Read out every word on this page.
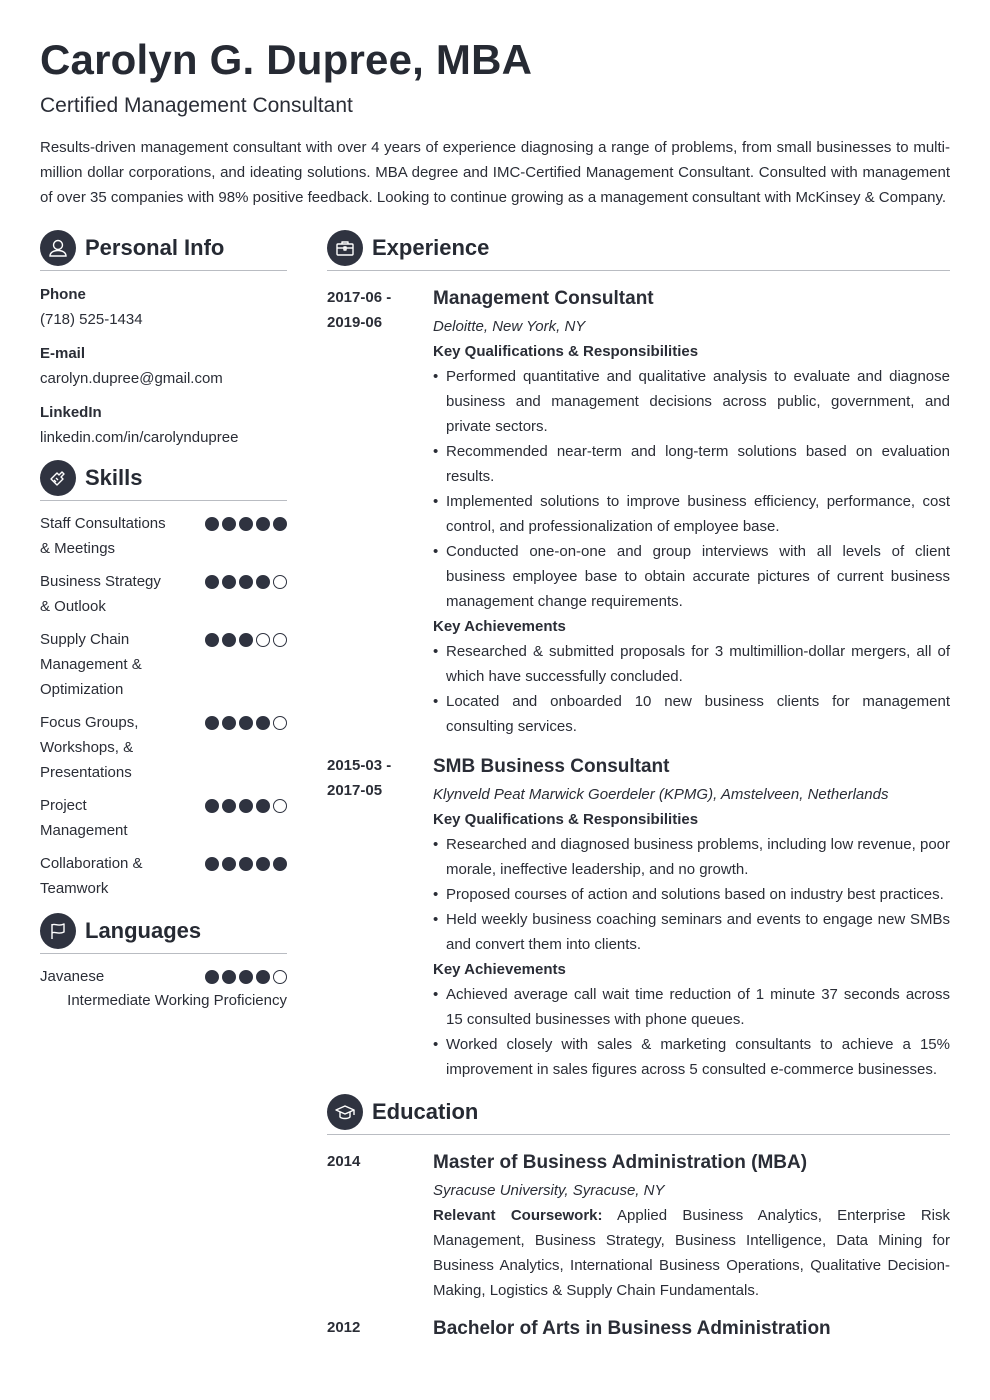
Carolyn G. Dupree, MBA
Certified Management Consultant
Results-driven management consultant with over 4 years of experience diagnosing a range of problems, from small businesses to multi-million dollar corporations, and ideating solutions. MBA degree and IMC-Certified Management Consultant. Consulted with management of over 35 companies with 98% positive feedback. Looking to continue growing as a management consultant with McKinsey & Company.
Personal Info
Phone
(718) 525-1434
E-mail
carolyn.dupree@gmail.com
LinkedIn
linkedin.com/in/carolyndupree
Skills
Staff Consultations & Meetings
Business Strategy & Outlook
Supply Chain Management & Optimization
Focus Groups, Workshops, & Presentations
Project Management
Collaboration & Teamwork
Languages
Javanese
Intermediate Working Proficiency
Experience
2017-06 - 2019-06
Management Consultant
Deloitte, New York, NY
Key Qualifications & Responsibilities
• Performed quantitative and qualitative analysis to evaluate and diagnose business and management decisions across public, government, and private sectors.
• Recommended near-term and long-term solutions based on evaluation results.
• Implemented solutions to improve business efficiency, performance, cost control, and professionalization of employee base.
• Conducted one-on-one and group interviews with all levels of client business employee base to obtain accurate pictures of current business management change requirements.
Key Achievements
• Researched & submitted proposals for 3 multimillion-dollar mergers, all of which have successfully concluded.
• Located and onboarded 10 new business clients for management consulting services.
2015-03 - 2017-05
SMB Business Consultant
Klynveld Peat Marwick Goerdeler (KPMG), Amstelveen, Netherlands
Key Qualifications & Responsibilities
• Researched and diagnosed business problems, including low revenue, poor morale, ineffective leadership, and no growth.
• Proposed courses of action and solutions based on industry best practices.
• Held weekly business coaching seminars and events to engage new SMBs and convert them into clients.
Key Achievements
• Achieved average call wait time reduction of 1 minute 37 seconds across 15 consulted businesses with phone queues.
• Worked closely with sales & marketing consultants to achieve a 15% improvement in sales figures across 5 consulted e-commerce businesses.
Education
2014	Master of Business Administration (MBA)
Syracuse University, Syracuse, NY
Relevant Coursework: Applied Business Analytics, Enterprise Risk Management, Business Strategy, Business Intelligence, Data Mining for Business Analytics, International Business Operations, Qualitative Decision-Making, Logistics & Supply Chain Fundamentals.
2012	Bachelor of Arts in Business Administration
